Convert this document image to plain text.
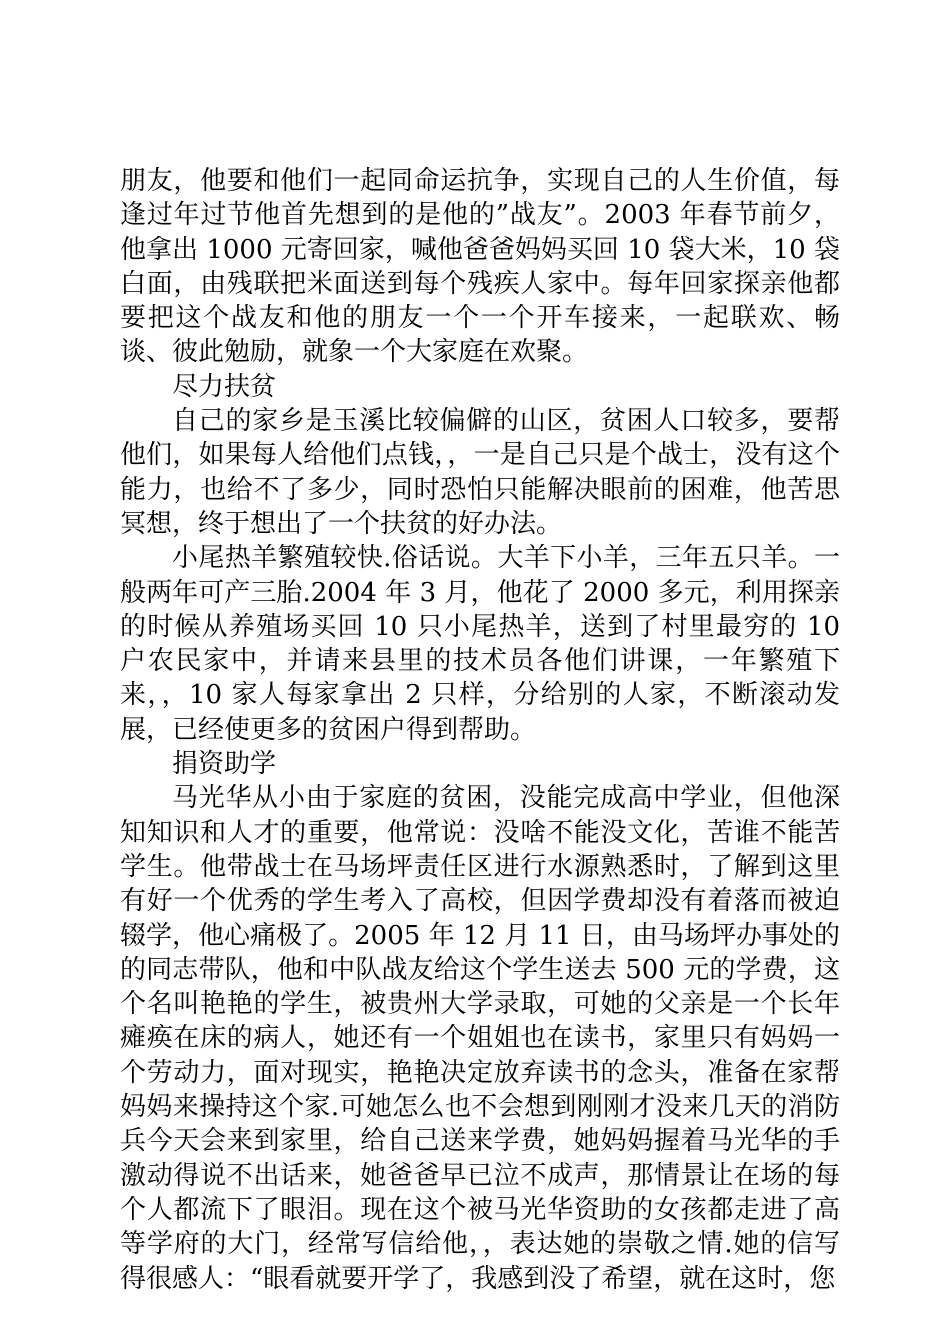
朋友，他要和他们一起同命运抗争，实现自己的人生价值，每逢过年过节他首先想到的是他的”战友”。2003 年春节前夕，他拿出 1000 元寄回家，喊他爸爸妈妈买回 10 袋大米，10 袋白面，由残联把米面送到每个残疾人家中。每年回家探亲他都要把这个战友和他的朋友一个一个开车接来，一起联欢、畅谈、彼此勉励，就象一个大家庭在欢聚。

尽力扶贫

自己的家乡是玉溪比较偏僻的山区，贫困人口较多，要帮他们，如果每人给他们点钱，，一是自己只是个战士，没有这个能力，也给不了多少，同时恐怕只能解决眼前的困难，他苦思冥想，终于想出了一个扶贫的好办法。

小尾热羊繁殖较快.俗话说。大羊下小羊，三年五只羊。一般两年可产三胎.2004 年 3 月，他花了 2000 多元，利用探亲的时候从养殖场买回 10 只小尾热羊，送到了村里最穷的 10 户农民家中，并请来县里的技术员各他们讲课，一年繁殖下来，，10 家人每家拿出 2 只样，分给别的人家，不断滚动发展，已经使更多的贫困户得到帮助。

捐资助学

马光华从小由于家庭的贫困，没能完成高中学业，但他深知知识和人才的重要，他常说：没啥不能没文化，苦谁不能苦学生。他带战士在马场坪责任区进行水源熟悉时，了解到这里有好一个优秀的学生考入了高校，但因学费却没有着落而被迫辍学，他心痛极了。2005 年 12 月 11 日，由马场坪办事处的的同志带队，他和中队战友给这个学生送去 500 元的学费，这个名叫艳艳的学生，被贵州大学录取，可她的父亲是一个长年瘫痪在床的病人，她还有一个姐姐也在读书，家里只有妈妈一个劳动力，面对现实，艳艳决定放弃读书的念头，准备在家帮妈妈来操持这个家.可她怎么也不会想到刚刚才没来几天的消防兵今天会来到家里，给自己送来学费，她妈妈握着马光华的手激动得说不出话来，她爸爸早已泣不成声，那情景让在场的每个人都流下了眼泪。现在这个被马光华资助的女孩都走进了高等学府的大门，经常写信给他，，表达她的崇敬之情.她的信写得很感人：“眼看就要开学了，我感到没了希望，就在这时，您
